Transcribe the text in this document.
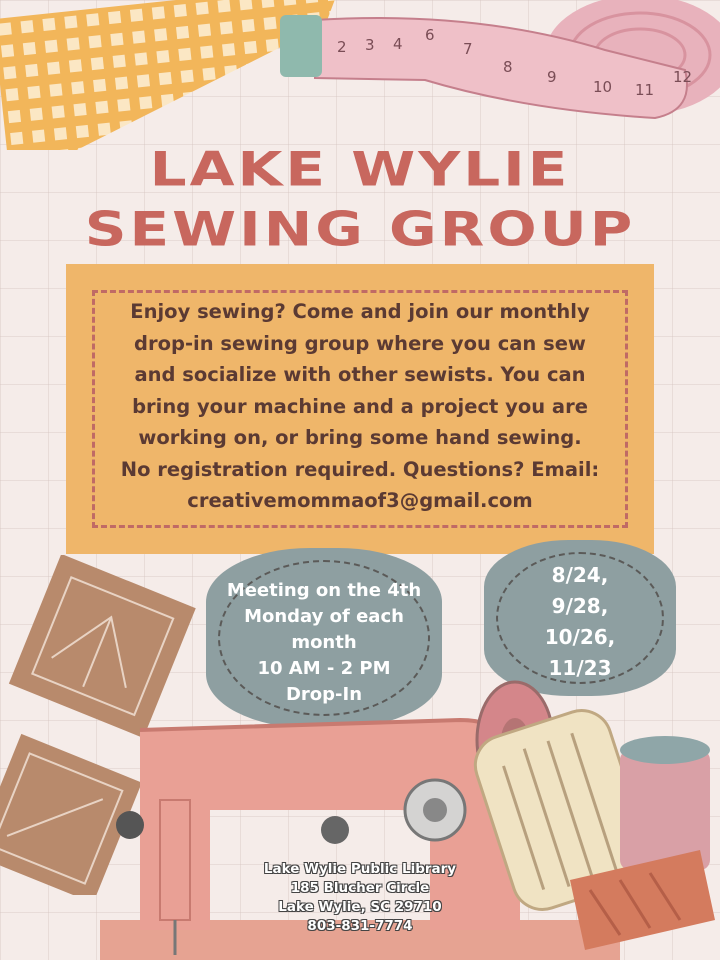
2 3 4 6
7
8
9
10 11
12
LAKE WYLIE
SEWING GROUP
Enjoy sewing? Come and join our monthly
drop-in sewing group where you can sew
and socialize with other sewists. You can
bring your machine and a project you are
working on, or bring some hand sewing.
No registration required. Questions? Email:
creativemommaof3@gmail.com
Meeting on the 4th
Monday of each
month
10 AM - 2 PM
Drop-In
8/24,
9/28,
10/26,
11/23
Lake Wylie Public Library
185 Blucher Circle
Lake Wylie, SC 29710
803-831-7774
